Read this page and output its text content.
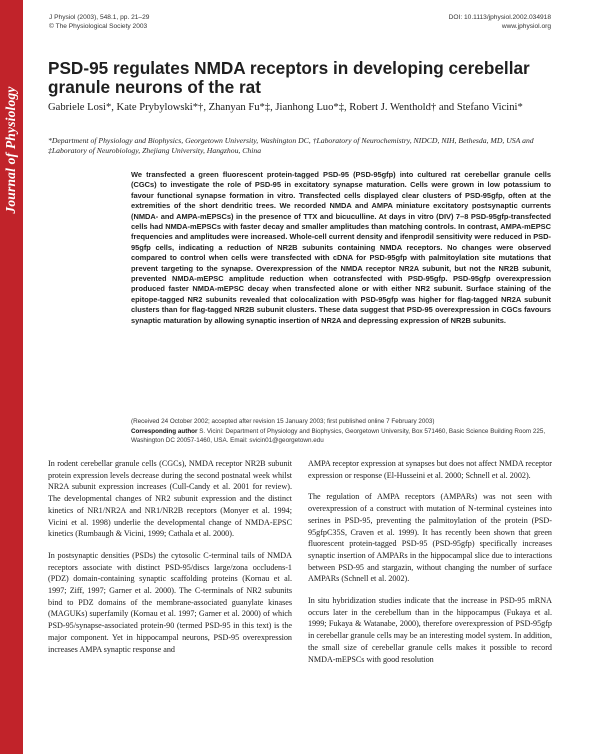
Journal of Physiology
J Physiol (2003), 548.1, pp. 21–29
© The Physiological Society 2003
DOI: 10.1113/jphysiol.2002.034918
www.jphysiol.org
PSD-95 regulates NMDA receptors in developing cerebellar granule neurons of the rat
Gabriele Losi*, Kate Prybylowski*†, Zhanyan Fu*‡, Jianhong Luo*‡, Robert J. Wenthold† and Stefano Vicini*
*Department of Physiology and Biophysics, Georgetown University, Washington DC, †Laboratory of Neurochemistry, NIDCD, NIH, Bethesda, MD, USA and ‡Laboratory of Neurobiology, Zhejiang University, Hangzhou, China
We transfected a green fluorescent protein-tagged PSD-95 (PSD-95gfp) into cultured rat cerebellar granule cells (CGCs) to investigate the role of PSD-95 in excitatory synapse maturation. Cells were grown in low potassium to favour functional synapse formation in vitro. Transfected cells displayed clear clusters of PSD-95gfp, often at the extremities of the short dendritic trees. We recorded NMDA and AMPA miniature excitatory postsynaptic currents (NMDA- and AMPA-mEPSCs) in the presence of TTX and bicuculline. At days in vitro (DIV) 7–8 PSD-95gfp-transfected cells had NMDA-mEPSCs with faster decay and smaller amplitudes than matching controls. In contrast, AMPA-mEPSC frequencies and amplitudes were increased. Whole-cell current density and ifenprodil sensitivity were reduced in PSD-95gfp cells, indicating a reduction of NR2B subunits containing NMDA receptors. No changes were observed compared to control when cells were transfected with cDNA for PSD-95gfp with palmitoylation site mutations that prevent targeting to the synapse. Overexpression of the NMDA receptor NR2A subunit, but not the NR2B subunit, prevented NMDA-mEPSC amplitude reduction when cotransfected with PSD-95gfp. PSD-95gfp overexpression produced faster NMDA-mEPSC decay when transfected alone or with either NR2 subunit. Surface staining of the epitope-tagged NR2 subunits revealed that colocalization with PSD-95gfp was higher for flag-tagged NR2A subunit clusters than for flag-tagged NR2B subunit clusters. These data suggest that PSD-95 overexpression in CGCs favours synaptic maturation by allowing synaptic insertion of NR2A and depressing expression of NR2B subunits.
(Received 24 October 2002; accepted after revision 15 January 2003; first published online 7 February 2003)
Corresponding author S. Vicini: Department of Physiology and Biophysics, Georgetown University, Box 571460, Basic Science Building Room 225, Washington DC 20057-1460, USA. Email: svicin01@georgetown.edu

In rodent cerebellar granule cells (CGCs), NMDA receptor NR2B subunit protein expression levels decrease during the second postnatal week whilst NR2A subunit expression increases (Cull-Candy et al. 2001 for review). The developmental changes of NR2 subunit expression and the distinct kinetics of NR1/NR2A and NR1/NR2B receptors (Monyer et al. 1994; Vicini et al. 1998) underlie the developmental change of NMDA-EPSC kinetics (Rumbaugh & Vicini, 1999; Cathala et al. 2000).

In postsynaptic densities (PSDs) the cytosolic C-terminal tails of NMDA receptors associate with distinct PSD-95/discs large/zona occludens-1 (PDZ) domain-containing synaptic scaffolding proteins (Kornau et al. 1997; Ziff, 1997; Garner et al. 2000). The C-terminals of NR2 subunits bind to PDZ domains of the membrane-associated guanylate kinases (MAGUKs) superfamily (Kornau et al. 1997; Garner et al. 2000) of which PSD-95/synapse-associated protein-90 (termed PSD-95 in this text) is the major component. Yet in hippocampal neurons, PSD-95 overexpression increases AMPA synaptic response and

AMPA receptor expression at synapses but does not affect NMDA receptor expression or response (El-Husseini et al. 2000; Schnell et al. 2002).

The regulation of AMPA receptors (AMPARs) was not seen with overexpression of a construct with mutation of N-terminal cysteines into serines in PSD-95, preventing the palmitoylation of the protein (PSD-95gfpC35S, Craven et al. 1999). It has recently been shown that green fluorescent protein-tagged PSD-95 (PSD-95gfp) specifically increases synaptic insertion of AMPARs in the hippocampal slice due to interactions between PSD-95 and stargazin, without changing the number of surface AMPARs (Schnell et al. 2002).

In situ hybridization studies indicate that the increase in PSD-95 mRNA occurs later in the cerebellum than in the hippocampus (Fukaya et al. 1999; Fukaya & Watanabe, 2000), therefore overexpression of PSD-95gfp in cerebellar granule cells may be an interesting model system. In addition, the small size of cerebellar granule cells makes it possible to record NMDA-mEPSCs with good resolution
